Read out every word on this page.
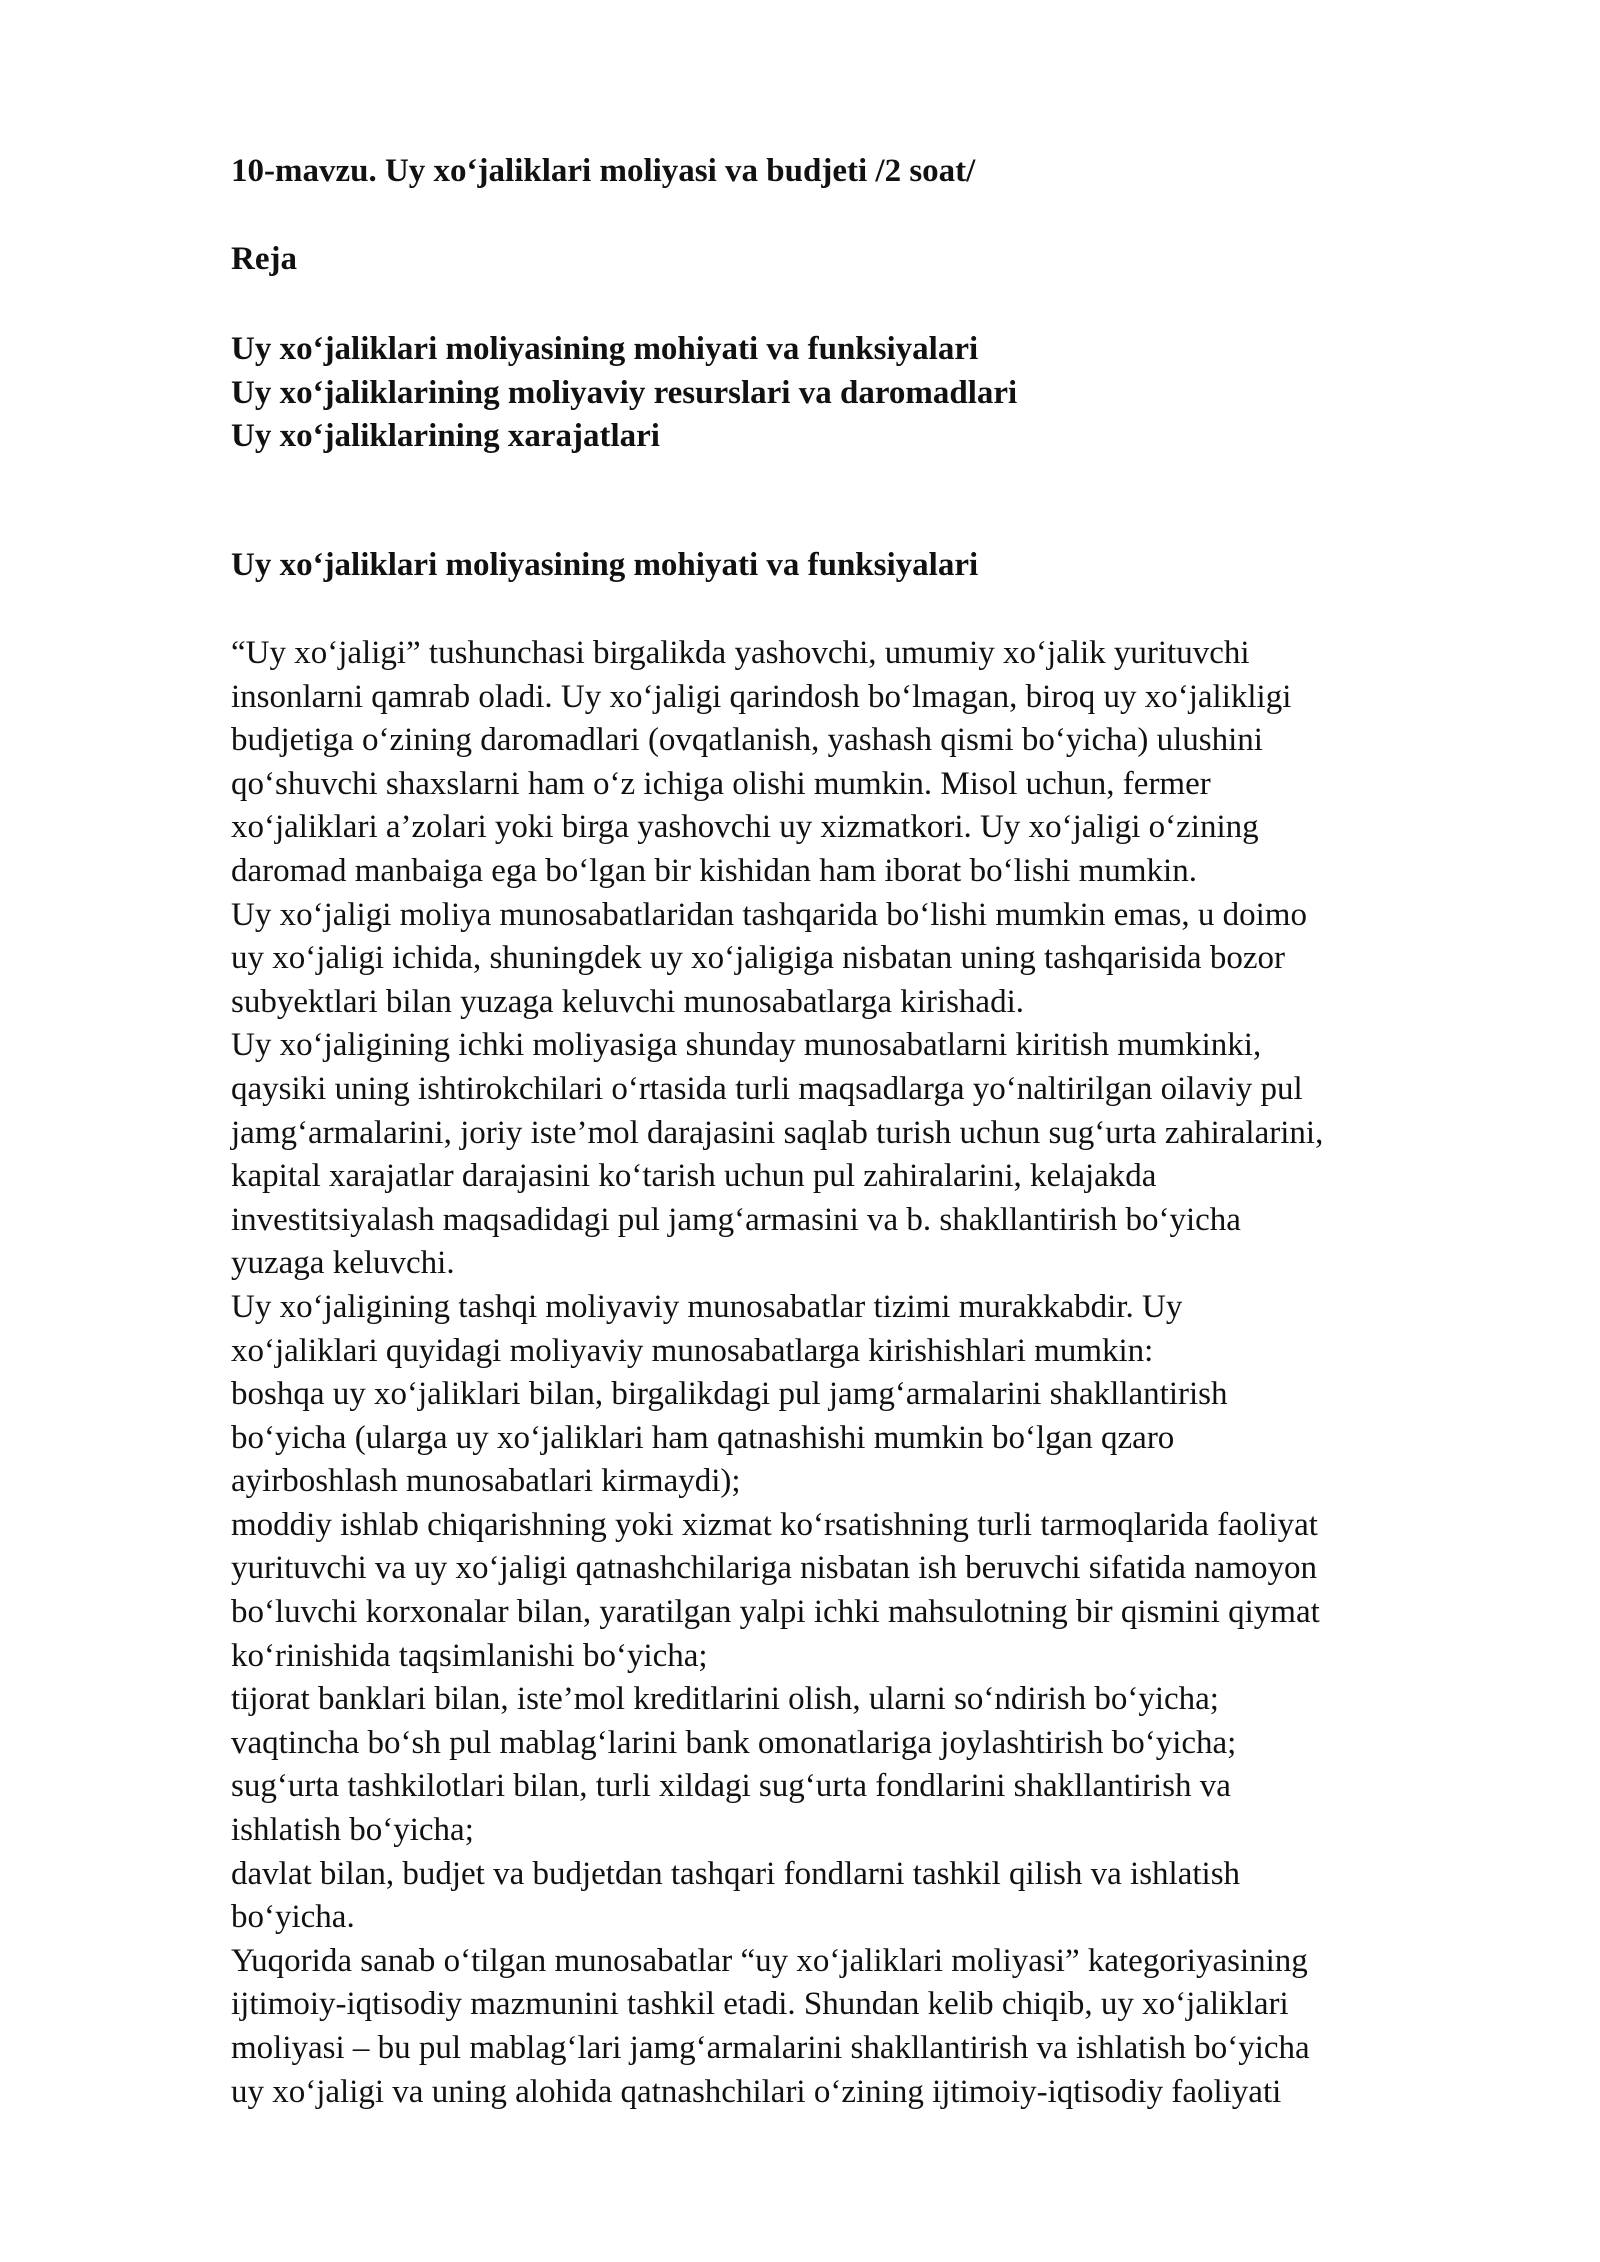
10-mavzu. Uy xo‘jaliklari moliyasi va budjeti /2 soat/
Reja
Uy xo‘jaliklari moliyasining mohiyati va funksiyalari
Uy xo‘jaliklarining moliyaviy resurslari va daromadlari
Uy xo‘jaliklarining xarajatlari
Uy xo‘jaliklari moliyasining mohiyati va funksiyalari
“Uy xo‘jaligi” tushunchasi birgalikda yashovchi, umumiy xo‘jalik yurituvchi
insonlarni qamrab oladi. Uy xo‘jaligi qarindosh bo‘lmagan, biroq uy xo‘jalikligi
budjetiga o‘zining daromadlari (ovqatlanish, yashash qismi bo‘yicha) ulushini
qo‘shuvchi shaxslarni ham o‘z ichiga olishi mumkin. Misol uchun, fermer
xo‘jaliklari a’zolari yoki birga yashovchi uy xizmatkori. Uy xo‘jaligi o‘zining
daromad manbaiga ega bo‘lgan bir kishidan ham iborat bo‘lishi mumkin.
Uy xo‘jaligi moliya munosabatlaridan tashqarida bo‘lishi mumkin emas, u doimo
uy xo‘jaligi ichida, shuningdek uy xo‘jaligiga nisbatan uning tashqarisida bozor
subyektlari bilan yuzaga keluvchi munosabatlarga kirishadi.
Uy xo‘jaligining ichki moliyasiga shunday munosabatlarni kiritish mumkinki,
qaysiki uning ishtirokchilari o‘rtasida turli maqsadlarga yo‘naltirilgan oilaviy pul
jamg‘armalarini, joriy iste’mol darajasini saqlab turish uchun sug‘urta zahiralarini,
kapital xarajatlar darajasini ko‘tarish uchun pul zahiralarini, kelajakda
investitsiyalash maqsadidagi pul jamg‘armasini va b. shakllantirish bo‘yicha
yuzaga keluvchi.
Uy xo‘jaligining tashqi moliyaviy munosabatlar tizimi murakkabdir. Uy
xo‘jaliklari quyidagi moliyaviy munosabatlarga kirishishlari mumkin:
boshqa uy xo‘jaliklari bilan, birgalikdagi pul jamg‘armalarini shakllantirish
bo‘yicha (ularga uy xo‘jaliklari ham qatnashishi mumkin bo‘lgan qzaro
ayirboshlash munosabatlari kirmaydi);
moddiy ishlab chiqarishning yoki xizmat ko‘rsatishning turli tarmoqlarida faoliyat
yurituvchi va uy xo‘jaligi qatnashchilariga nisbatan ish beruvchi sifatida namoyon
bo‘luvchi korxonalar bilan, yaratilgan yalpi ichki mahsulotning bir qismini qiymat
ko‘rinishida taqsimlanishi bo‘yicha;
tijorat banklari bilan, iste’mol kreditlarini olish, ularni so‘ndirish bo‘yicha;
vaqtincha bo‘sh pul mablag‘larini bank omonatlariga joylashtirish bo‘yicha;
sug‘urta tashkilotlari bilan, turli xildagi sug‘urta fondlarini shakllantirish va
ishlatish bo‘yicha;
davlat bilan, budjet va budjetdan tashqari fondlarni tashkil qilish va ishlatish
bo‘yicha.
Yuqorida sanab o‘tilgan munosabatlar “uy xo‘jaliklari moliyasi” kategoriyasining
ijtimoiy-iqtisodiy mazmunini tashkil etadi. Shundan kelib chiqib, uy xo‘jaliklari
moliyasi – bu pul mablag‘lari jamg‘armalarini shakllantirish va ishlatish bo‘yicha
uy xo‘jaligi va uning alohida qatnashchilari o‘zining ijtimoiy-iqtisodiy faoliyati
